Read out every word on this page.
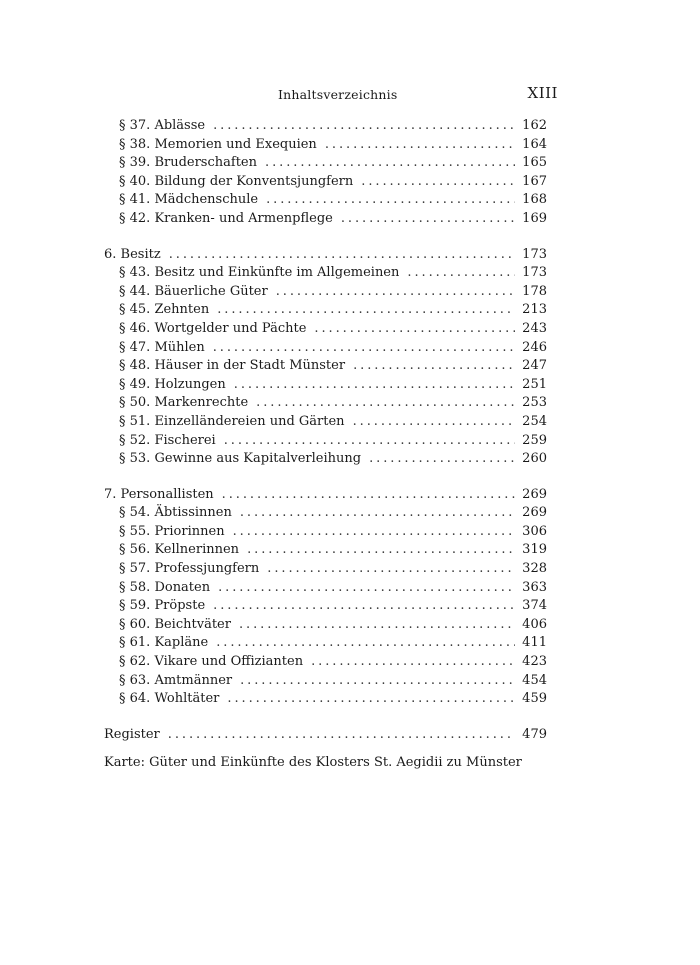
Inhaltsverzeichnis	XIII
§ 37. Ablässe . . .	162
§ 38. Memorien und Exequien . . .	164
§ 39. Bruderschaften . . .	165
§ 40. Bildung der Konventsjungfern . . .	167
§ 41. Mädchenschule . . .	168
§ 42. Kranken- und Armenpflege . . .	169
6. Besitz . . .	173
§ 43. Besitz und Einkünfte im Allgemeinen . . .	173
§ 44. Bäuerliche Güter . . .	178
§ 45. Zehnten . . .	213
§ 46. Wortgelder und Pächte . . .	243
§ 47. Mühlen . . .	246
§ 48. Häuser in der Stadt Münster . . .	247
§ 49. Holzungen . . .	251
§ 50. Markenrechte . . .	253
§ 51. Einzelländereien und Gärten . . .	254
§ 52. Fischerei . . .	259
§ 53. Gewinne aus Kapitalverleihung . . .	260
7. Personallisten . . .	269
§ 54. Äbtissinnen . . .	269
§ 55. Priorinnen . . .	306
§ 56. Kellnerinnen . . .	319
§ 57. Professjungfern . . .	328
§ 58. Donaten . . .	363
§ 59. Pröpste . . .	374
§ 60. Beichtväter . . .	406
§ 61. Kapläne . . .	411
§ 62. Vikare und Offizianten . . .	423
§ 63. Amtmänner . . .	454
§ 64. Wohltäter . . .	459
Register . . .	479
Karte: Güter und Einkünfte des Klosters St. Aegidii zu Münster
